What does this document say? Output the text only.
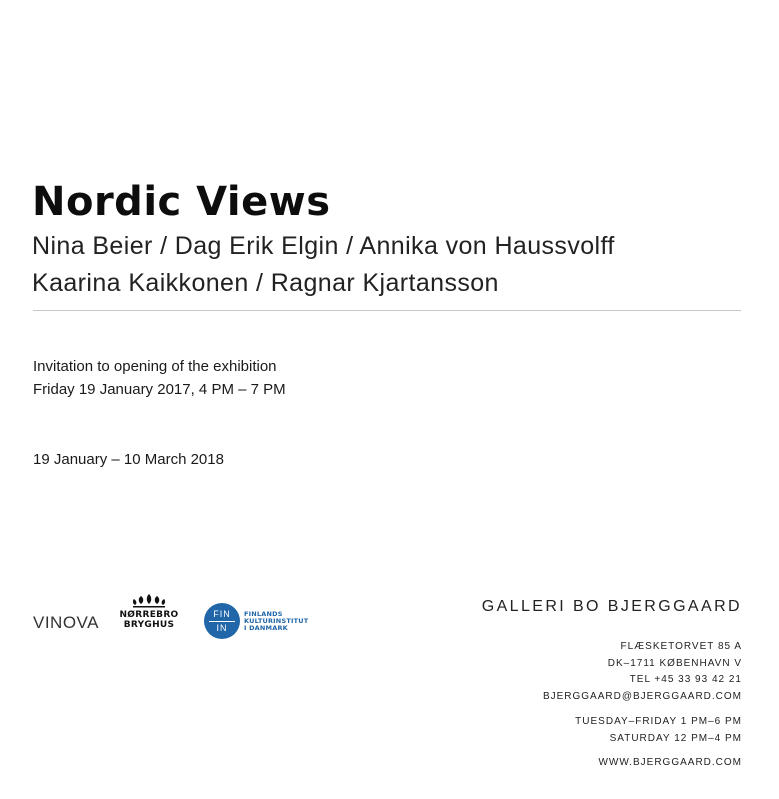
Nordic Views
Nina Beier / Dag Erik Elgin / Annika von Haussvolff
Kaarina Kaikkonen / Ragnar Kjartansson
Invitation to opening of the exhibition
Friday 19 January 2017, 4 PM – 7 PM
19 January – 10 March 2018
VINOVA	NØRREBRO
BRYGHUS
FIN
IN
FINLANDS
KULTURINSTITUT
I DANMARK
GALLERI BO BJERGGAARD
FLÆSKETORVET 85 A
DK–1711 KØBENHAVN V
TEL +45 33 93 42 21
BJERGGAARD@BJERGGAARD.COM
TUESDAY–FRIDAY 1 PM–6 PM
SATURDAY 12 PM–4 PM
WWW.BJERGGAARD.COM
